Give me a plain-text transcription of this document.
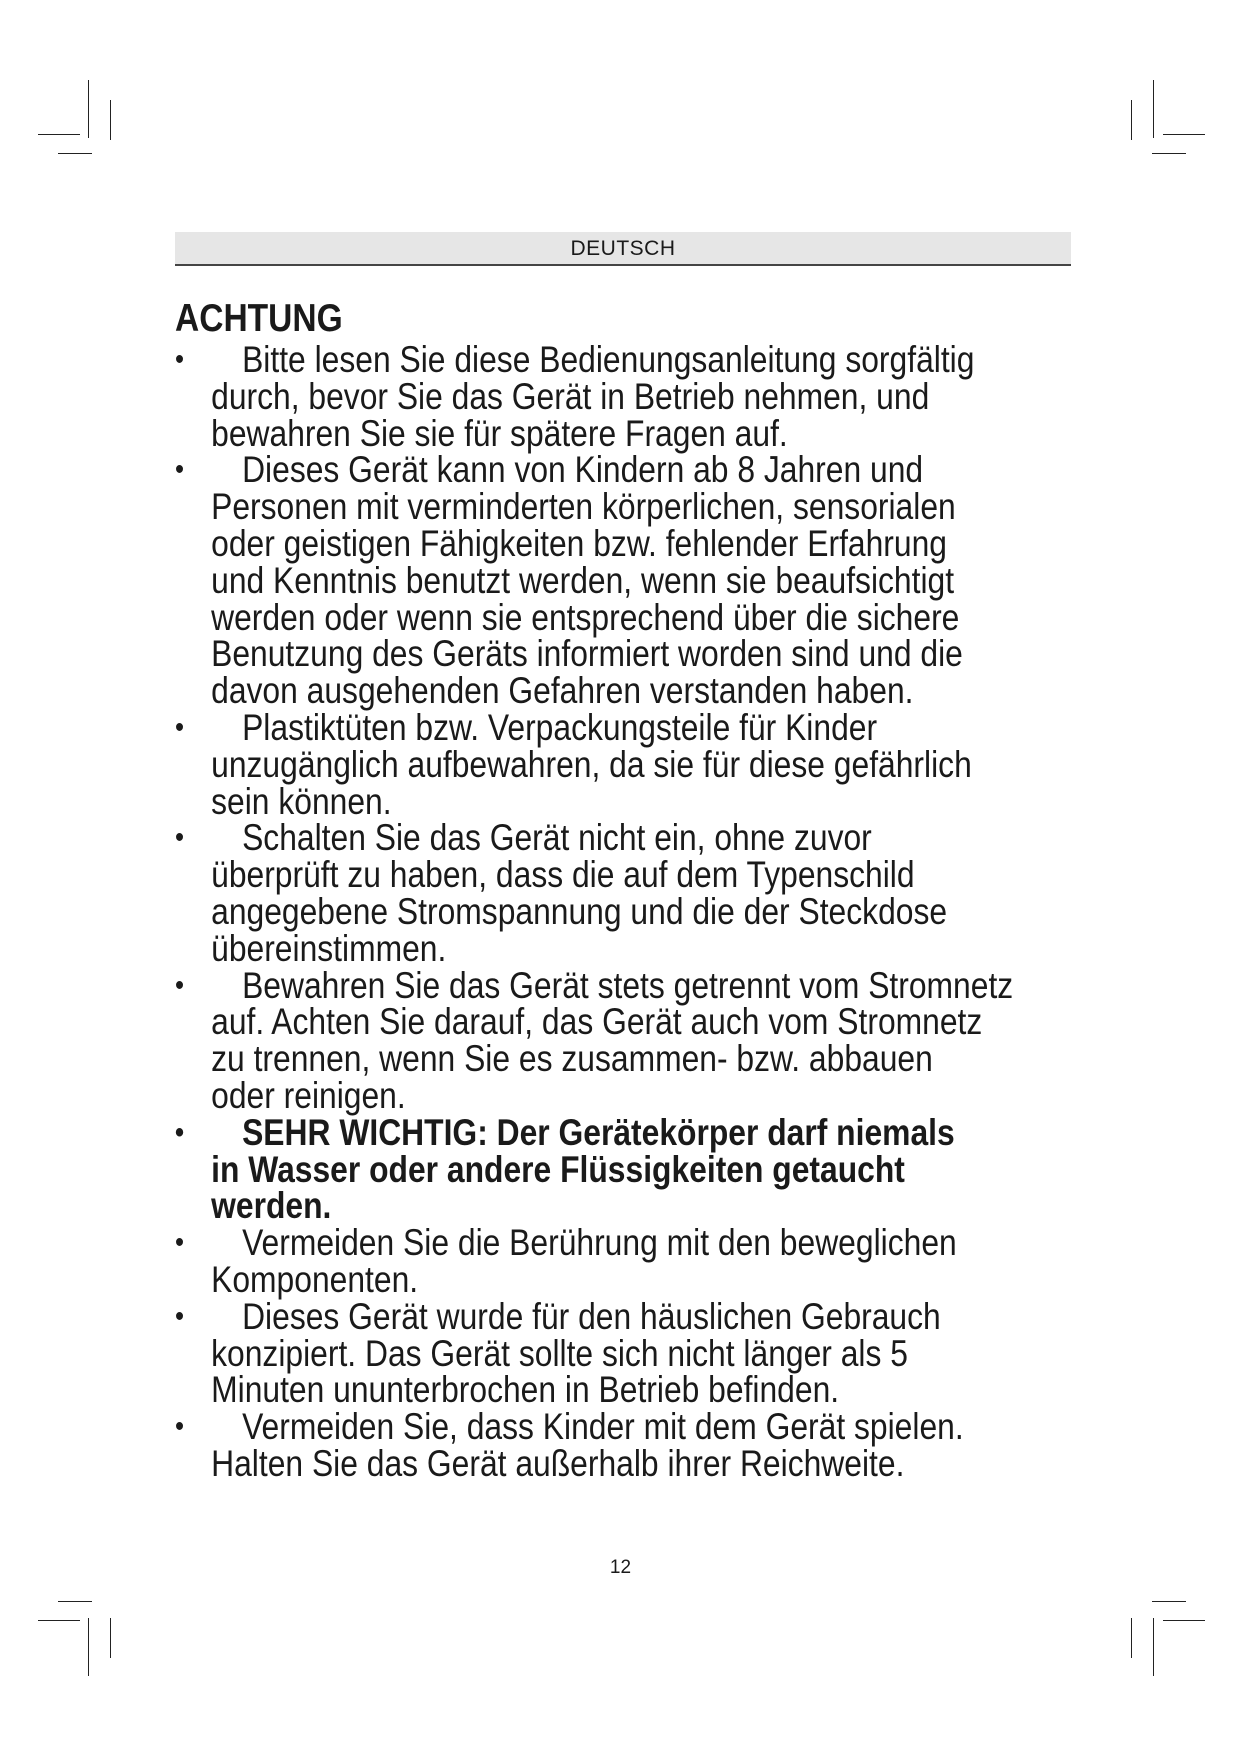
DEUTSCH
ACHTUNG
•	Bitte lesen Sie diese Bedienungsanleitung sorgfältig
durch, bevor Sie das Gerät in Betrieb nehmen, und
bewahren Sie sie für spätere Fragen auf.
•	Dieses Gerät kann von Kindern ab 8 Jahren und
Personen mit verminderten körperlichen, sensorialen
oder geistigen Fähigkeiten bzw. fehlender Erfahrung
und Kenntnis benutzt werden, wenn sie beaufsichtigt
werden oder wenn sie entsprechend über die sichere
Benutzung des Geräts informiert worden sind und die
davon ausgehenden Gefahren verstanden haben.
•	Plastiktüten bzw. Verpackungsteile für Kinder
unzugänglich aufbewahren, da sie für diese gefährlich
sein können.
•	Schalten Sie das Gerät nicht ein, ohne zuvor
überprüft zu haben, dass die auf dem Typenschild
angegebene Stromspannung und die der Steckdose
übereinstimmen.
•	Bewahren Sie das Gerät stets getrennt vom Stromnetz
auf. Achten Sie darauf, das Gerät auch vom Stromnetz
zu trennen, wenn Sie es zusammen- bzw. abbauen
oder reinigen.
•	SEHR WICHTIG: Der Gerätekörper darf niemals
in Wasser oder andere Flüssigkeiten getaucht
werden.
•	Vermeiden Sie die Berührung mit den beweglichen
Komponenten.
•	Dieses Gerät wurde für den häuslichen Gebrauch
konzipiert. Das Gerät sollte sich nicht länger als 5
Minuten ununterbrochen in Betrieb befinden.
•	Vermeiden Sie, dass Kinder mit dem Gerät spielen.
Halten Sie das Gerät außerhalb ihrer Reichweite.
12
